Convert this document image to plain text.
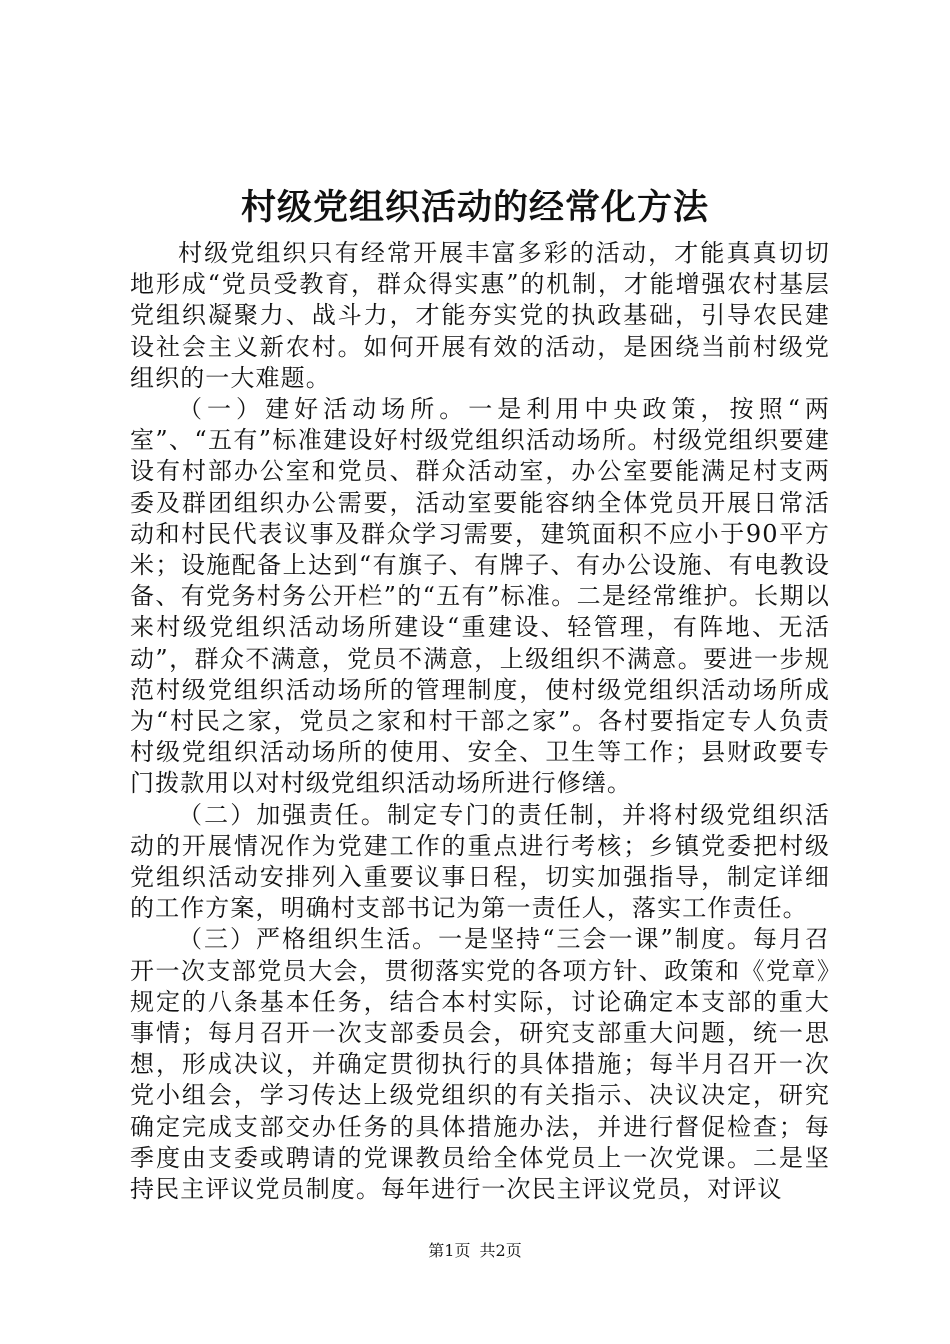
村级党组织活动的经常化方法

村级党组织只有经常开展丰富多彩的活动，才能真真切切地形成“党员受教育，群众得实惠”的机制，才能增强农村基层党组织凝聚力、战斗力，才能夯实党的执政基础，引导农民建设社会主义新农村。如何开展有效的活动，是困绕当前村级党组织的一大难题。

（一）建好活动场所。一是利用中央政策，按照“两室”、“五有”标准建设好村级党组织活动场所。村级党组织要建设有村部办公室和党员、群众活动室，办公室要能满足村支两委及群团组织办公需要，活动室要能容纳全体党员开展日常活动和村民代表议事及群众学习需要，建筑面积不应小于90平方米；设施配备上达到“有旗子、有牌子、有办公设施、有电教设备、有党务村务公开栏”的“五有”标准。二是经常维护。长期以来村级党组织活动场所建设“重建设、轻管理，有阵地、无活动”，群众不满意，党员不满意，上级组织不满意。要进一步规范村级党组织活动场所的管理制度，使村级党组织活动场所成为“村民之家，党员之家和村干部之家”。各村要指定专人负责村级党组织活动场所的使用、安全、卫生等工作；县财政要专门拨款用以对村级党组织活动场所进行修缮。

（二）加强责任。制定专门的责任制，并将村级党组织活动的开展情况作为党建工作的重点进行考核；乡镇党委把村级党组织活动安排列入重要议事日程，切实加强指导，制定详细的工作方案，明确村支部书记为第一责任人，落实工作责任。

（三）严格组织生活。一是坚持“三会一课”制度。每月召开一次支部党员大会，贯彻落实党的各项方针、政策和《党章》规定的八条基本任务，结合本村实际，讨论确定本支部的重大事情；每月召开一次支部委员会，研究支部重大问题，统一思想，形成决议，并确定贯彻执行的具体措施；每半月召开一次党小组会，学习传达上级党组织的有关指示、决议决定，研究确定完成支部交办任务的具体措施办法，并进行督促检查；每季度由支委或聘请的党课教员给全体党员上一次党课。二是坚持民主评议党员制度。每年进行一次民主评议党员，对评议

第1页 共2页
